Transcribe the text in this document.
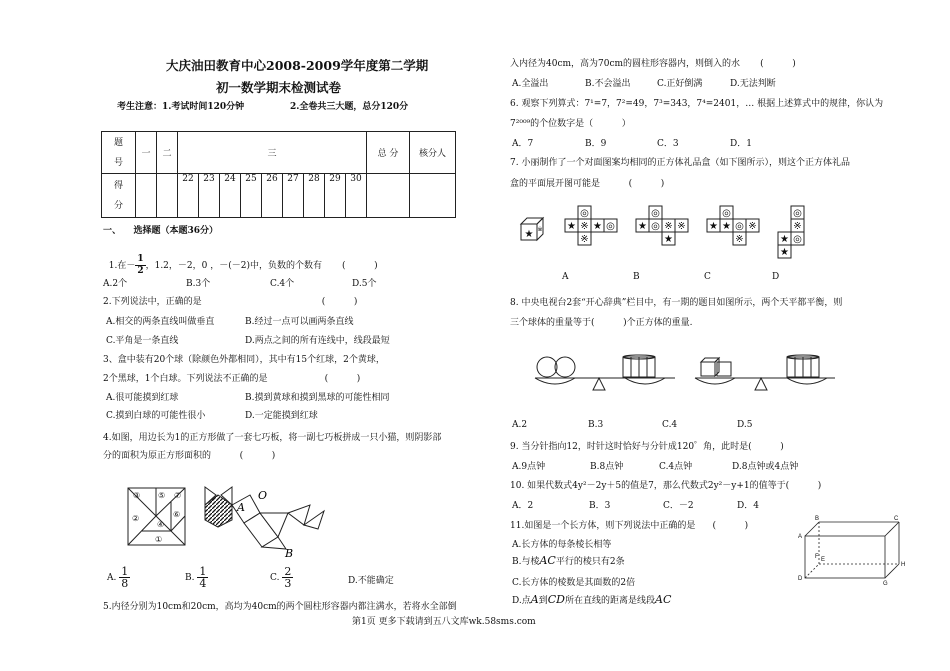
大庆油田教育中心2008-2009学年度第二学期
初一数学期末检测试卷
考生注意：1.考试时间120分钟	2.全卷共三大题，总分120分
题号	一	二	三									总 分	核分人
得分			22	23	24	25	26	27	28	29	30		
一、    选择题（本题36分）

1.在－ $\frac{1}{2}$ ，1.2，－2，0 ，－(－2)中，负数的个数有       (          )

A.2个	B.3个	C.4个	D.5个
2.下列说法中，正确的是                                          (          )
A.相交的两条直线叫做垂直	B.经过一点可以画两条直线
C.平角是一条直线	D.两点之间的所有连线中，线段最短
3、盒中装有20个球（除颜色外都相同），其中有15个红球，2个黄球，
2个黑球，1个白球。下列说法不正确的是                    (          )
A.很可能摸到红球	B.摸到黄球和摸到黑球的可能性相同
C.摸到白球的可能性很小	D.一定能摸到红球
4.如图，用边长为1的正方形做了一套七巧板，将一副七巧板拼成一只小猫，则阴影部
分的面积为原正方形面积的          (          )
③ ⑤ ⑦
②	⑥
④
①
A
O
B
A. $\frac{1}{8}$	B. $\frac{1}{4}$	C. $\frac{2}{3}$	D.不能确定
5.内径分别为10cm和20cm，高均为40cm的两个圆柱形容器内都注满水，若将水全部倒
入内径为40cm，高为70cm的圆柱形容器内，则倒入的水       (          )
A.全溢出	B.不会溢出	C.正好倒满	D.无法判断
6. 观察下列算式：7¹=7，7²=49，7³=343，7⁴=2401，… 根据上述算式中的规律，你认为
7²⁰⁰⁹的个位数字是（          ）
A．7	B．9	C．3	D．1
7. 小丽制作了一个对面图案均相同的正方体礼品盒（如下图所示），则这个正方体礼品
盒的平面展开图可能是          (          )
★ ※
◎
★ ※ ★ ◎
※
◎
★ ◎ ※ ※
★
◎
★ ★ ◎ ※
※
◎
※
★ ◎
★
A	B	C	D
8. 中央电视台2套“开心辞典”栏目中，有一期的题目如图所示，两个天平都平衡，则
三个球体的重量等于(          )个正方体的重量.
A.2	B.3	C.4	D.5
9. 当分针指向12，时针这时恰好与分针成120゜角，此时是(          )
A.9点钟	B.8点钟	C.4点钟	D.8点钟或4点钟
10. 如果代数式4y²－2y＋5的值是7，那么代数式2y²－y+1的值等于(          )
A．2	B．3	C．－2	D．4
11.如图是一个长方体，则下列说法中正确的是      (          )
A.长方体的每条棱长相等
B.与棱AC平行的棱只有2条
C.长方体的棱数是其面数的2倍
D.点A到CD所在直线的距离是线段AC
A
B	C
D
E
F
G
H
第1页 更多下载请到五八文库wk.58sms.com
